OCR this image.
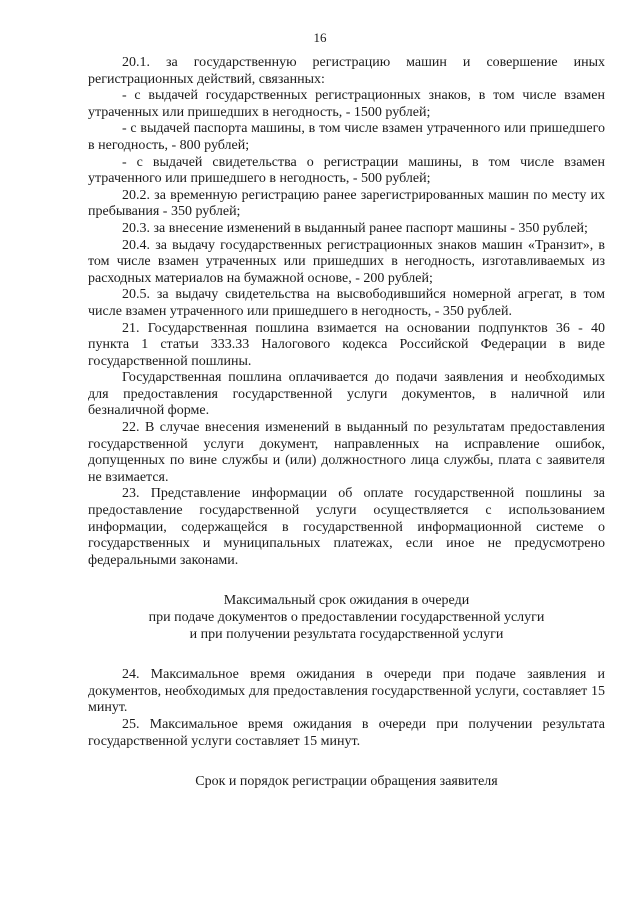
16

20.1. за государственную регистрацию машин и совершение иных регистрационных действий, связанных:

- с выдачей государственных регистрационных знаков, в том числе взамен утраченных или пришедших в негодность, - 1500 рублей;

- с выдачей паспорта машины, в том числе взамен утраченного или пришедшего в негодность, - 800 рублей;

- с выдачей свидетельства о регистрации машины, в том числе взамен утраченного или пришедшего в негодность, - 500 рублей;

20.2. за временную регистрацию ранее зарегистрированных машин по месту их пребывания - 350 рублей;

20.3. за внесение изменений в выданный ранее паспорт машины - 350 рублей;

20.4. за выдачу государственных регистрационных знаков машин «Транзит», в том числе взамен утраченных или пришедших в негодность, изготавливаемых из расходных материалов на бумажной основе, - 200 рублей;

20.5. за выдачу свидетельства на высвободившийся номерной агрегат, в том числе взамен утраченного или пришедшего в негодность, - 350 рублей.

21. Государственная пошлина взимается на основании подпунктов 36 - 40 пункта 1 статьи 333.33 Налогового кодекса Российской Федерации в виде государственной пошлины.

Государственная пошлина оплачивается до подачи заявления и необходимых для предоставления государственной услуги документов, в наличной или безналичной форме.

22. В случае внесения изменений в выданный по результатам предоставления государственной услуги документ, направленных на исправление ошибок, допущенных по вине службы и (или) должностного лица службы, плата с заявителя не взимается.

23. Представление информации об оплате государственной пошлины за предоставление государственной услуги осуществляется с использованием информации, содержащейся в государственной информационной системе о государственных и муниципальных платежах, если иное не предусмотрено федеральными законами.

Максимальный срок ожидания в очереди

при подаче документов о предоставлении государственной услуги

и при получении результата государственной услуги

24. Максимальное время ожидания в очереди при подаче заявления и документов, необходимых для предоставления государственной услуги, составляет 15 минут.

25. Максимальное время ожидания в очереди при получении результата государственной услуги составляет 15 минут.

Срок и порядок регистрации обращения заявителя
